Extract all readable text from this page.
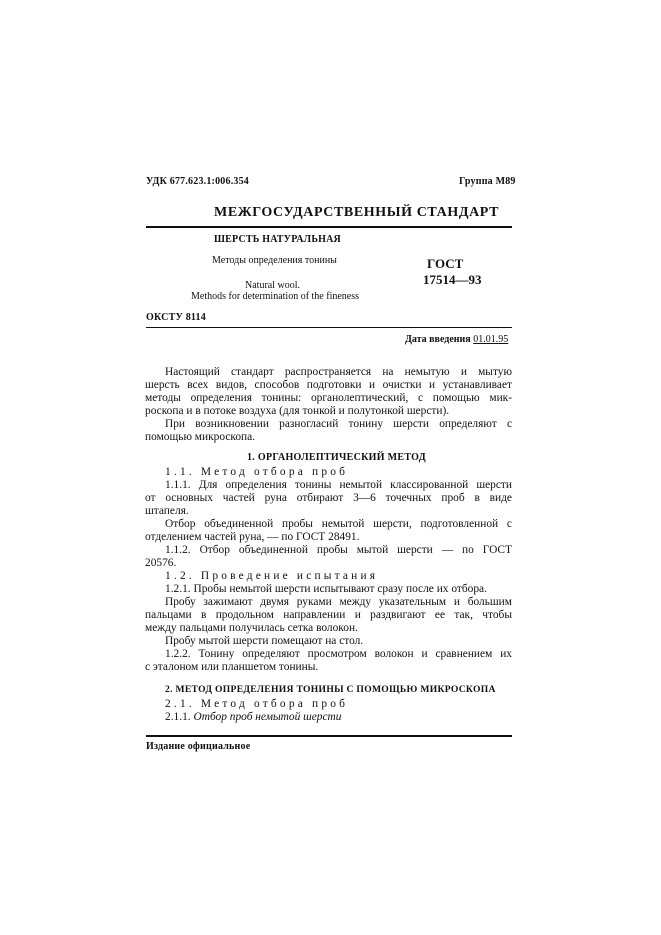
УДК 677.623.1:006.354	Группа М89
МЕЖГОСУДАРСТВЕННЫЙ СТАНДАРТ
ШЕРСТЬ НАТУРАЛЬНАЯ
Методы определения тонины	ГОСТ
17514—93
Natural wool.
Methods for determination of the fineness
ОКСТУ 8114
Дата введения 01.01.95
Настоящий стандарт распространяется на немытую и мытую
шерсть всех видов, способов подготовки и очистки и устанавливает
методы определения тонины: органолептический, с помощью мик-
роскопа и в потоке воздуха (для тонкой и полутонкой шерсти).
При возникновении разногласий тонину шерсти определяют с
помощью микроскопа.
1. ОРГАНОЛЕПТИЧЕСКИЙ МЕТОД
1.1. Метод отбора проб
1.1.1. Для определения тонины немытой классированной шерсти
от основных частей руна отбирают 3—6 точечных проб в виде
штапеля.
Отбор объединенной пробы немытой шерсти, подготовленной с
отделением частей руна, — по ГОСТ 28491.
1.1.2. Отбор объединенной пробы мытой шерсти — по ГОСТ
20576.
1.2. Проведение испытания
1.2.1. Пробы немытой шерсти испытывают сразу после их отбора.
Пробу зажимают двумя руками между указательным и большим
пальцами в продольном направлении и раздвигают ее так, чтобы
между пальцами получилась сетка волокон.
Пробу мытой шерсти помещают на стол.
1.2.2. Тонину определяют просмотром волокон и сравнением их
с эталоном или планшетом тонины.
2. МЕТОД ОПРЕДЕЛЕНИЯ ТОНИНЫ С ПОМОЩЬЮ МИКРОСКОПА
2.1. Метод отбора проб
2.1.1. Отбор проб немытой шерсти
Издание официальное
